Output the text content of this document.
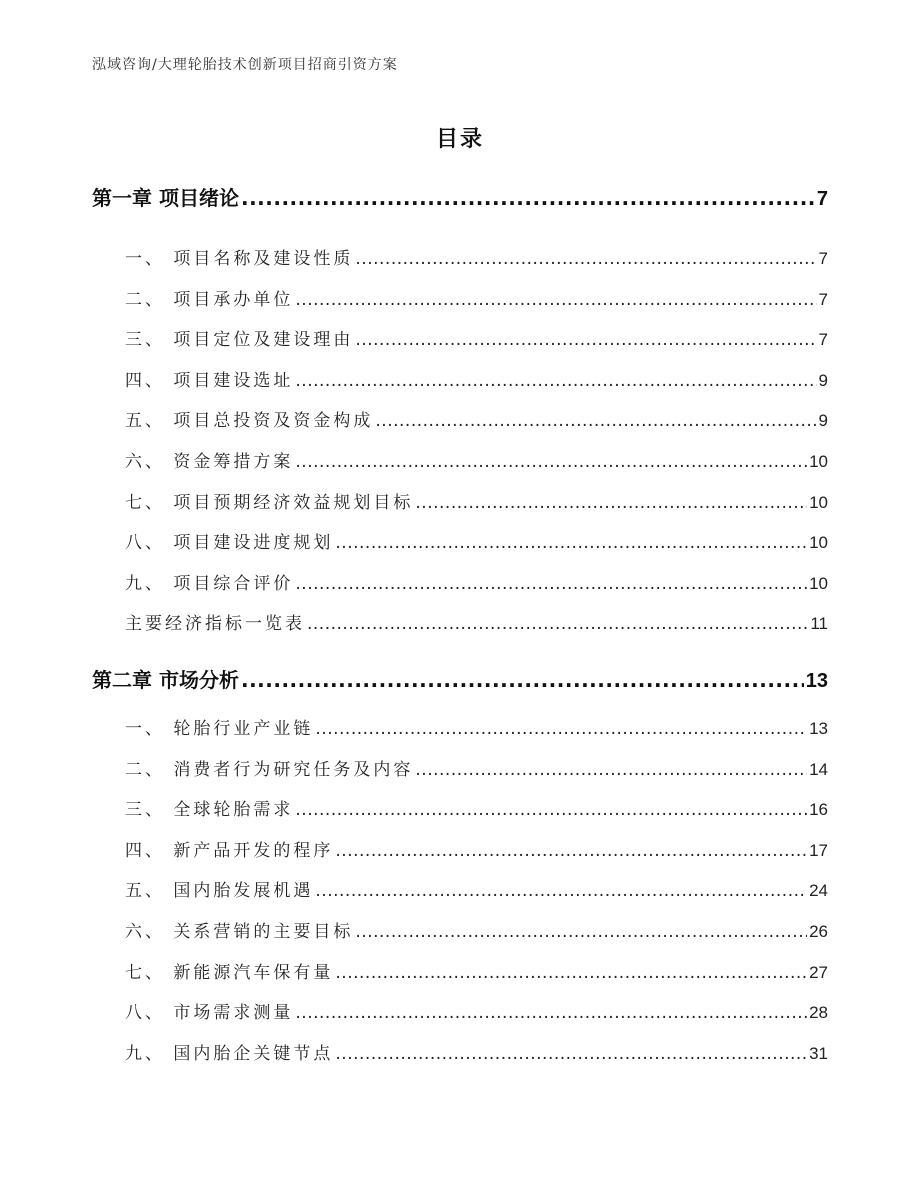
泓域咨询/大理轮胎技术创新项目招商引资方案
目录
第一章 项目绪论 .....	7
一、 项目名称及建设性质 .....	7
二、 项目承办单位 .....	7
三、 项目定位及建设理由 .....	7
四、 项目建设选址 .....	9
五、 项目总投资及资金构成 .....	9
六、 资金筹措方案 .....	10
七、 项目预期经济效益规划目标 .....	10
八、 项目建设进度规划 .....	10
九、 项目综合评价 .....	10
主要经济指标一览表 .....	11
第二章 市场分析 .....	13
一、 轮胎行业产业链 .....	13
二、 消费者行为研究任务及内容 .....	14
三、 全球轮胎需求 .....	16
四、 新产品开发的程序 .....	17
五、 国内胎发展机遇 .....	24
六、 关系营销的主要目标 .....	26
七、 新能源汽车保有量 .....	27
八、 市场需求测量 .....	28
九、 国内胎企关键节点 .....	31
